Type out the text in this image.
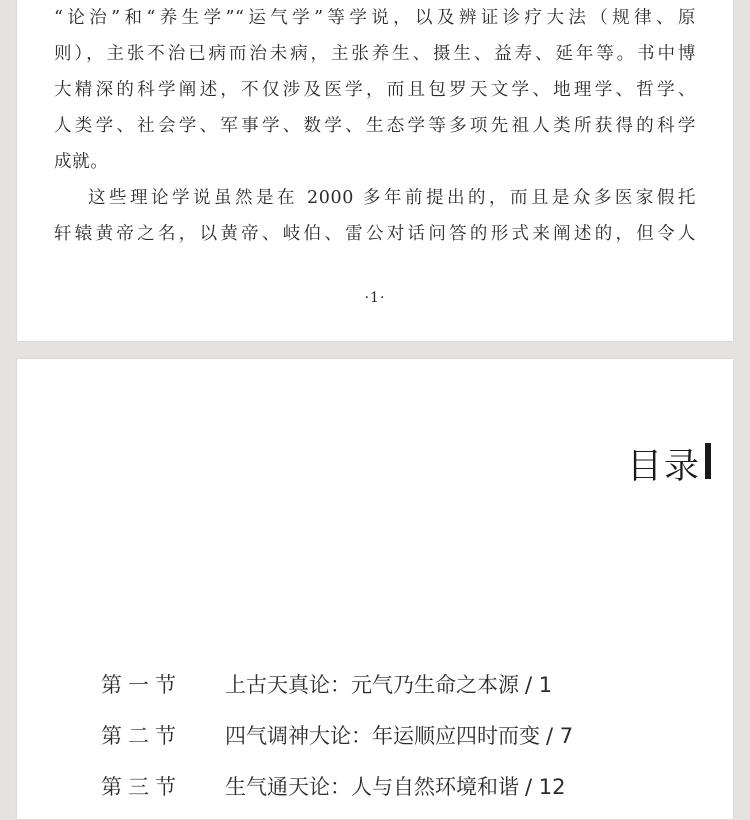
“论治”和“养生学”“运气学”等学说，以及辨证诊疗大法（规律、原
则），主张不治已病而治未病，主张养生、摄生、益寿、延年等。书中博
大精深的科学阐述，不仅涉及医学，而且包罗天文学、地理学、哲学、
人类学、社会学、军事学、数学、生态学等多项先祖人类所获得的科学
成就。
这些理论学说虽然是在 2000 多年前提出的，而且是众多医家假托
轩辕黄帝之名，以黄帝、岐伯、雷公对话问答的形式来阐述的，但令人
·1·
目录
第一节 上古天真论：元气乃生命之本源 / 1
第二节 四气调神大论：年运顺应四时而变 / 7
第三节 生气通天论：人与自然环境和谐 / 12
